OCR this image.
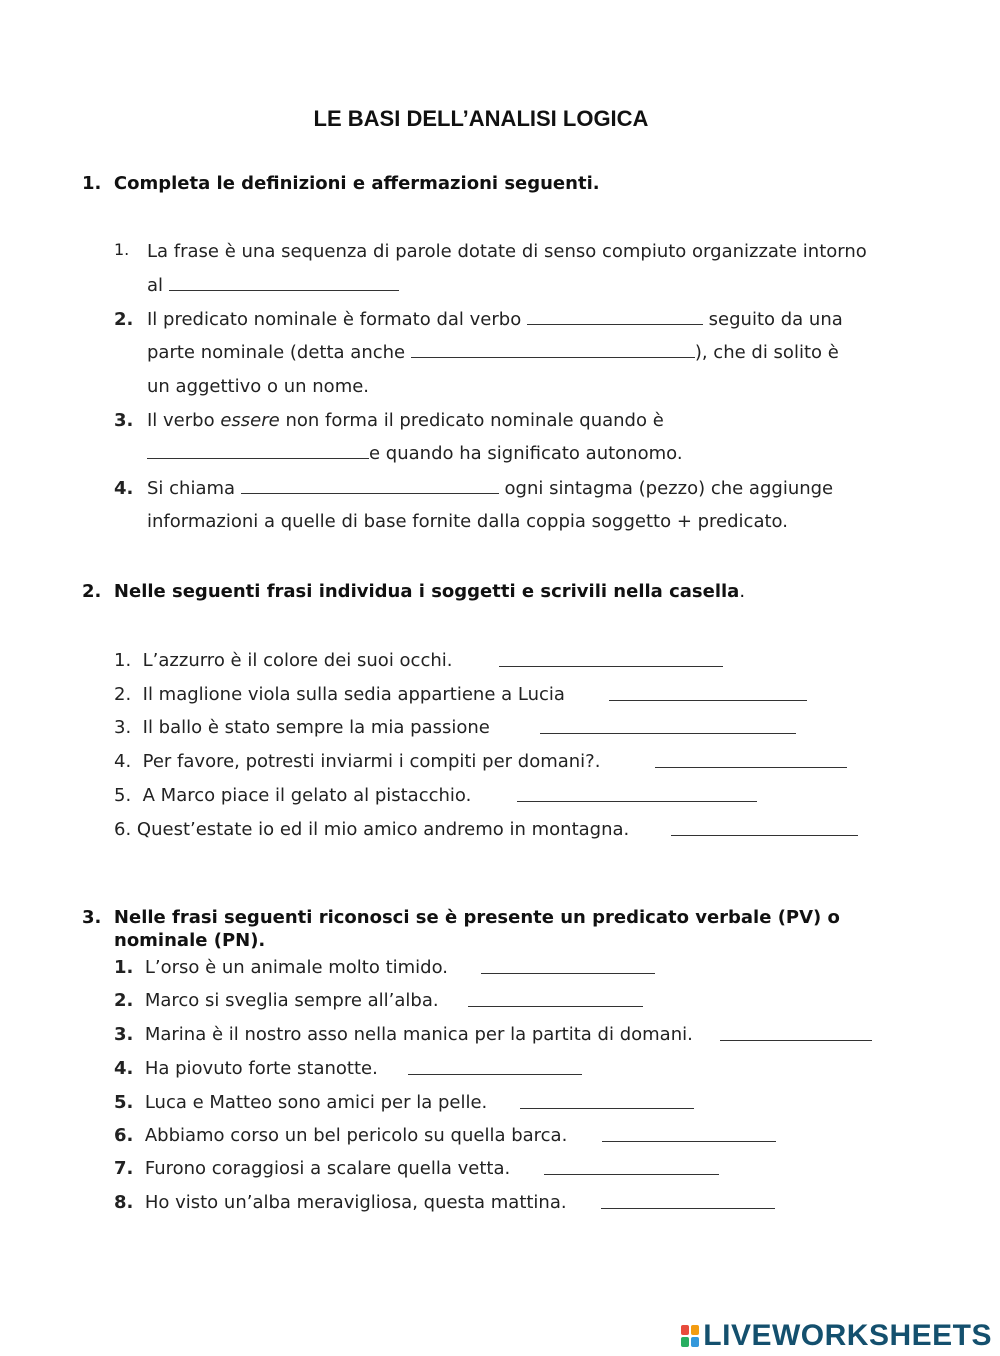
LE BASI DELL’ANALISI LOGICA
1. Completa le definizioni e affermazioni seguenti.
1. La frase è una sequenza di parole dotate di senso compiuto organizzate intorno
al
2. Il predicato nominale è formato dal verbo	seguito da una
parte nominale (detta anche	), che di solito è
un aggettivo o un nome.
3. Il verbo essere non forma il predicato nominale quando è
e quando ha significato autonomo.
4. Si chiama	ogni sintagma (pezzo) che aggiunge
informazioni a quelle di base fornite dalla coppia soggetto + predicato.
2. Nelle seguenti frasi individua i soggetti e scrivili nella casella.
1. L’azzurro è il colore dei suoi occhi.
2. Il maglione viola sulla sedia appartiene a Lucia
3. Il ballo è stato sempre la mia passione
4. Per favore, potresti inviarmi i compiti per domani?.
5. A Marco piace il gelato al pistacchio.
6. Quest’estate io ed il mio amico andremo in montagna.
3. Nelle frasi seguenti riconosci se è presente un predicato verbale (PV) o
nominale (PN).
1. L’orso è un animale molto timido.
2. Marco si sveglia sempre all’alba.
3. Marina è il nostro asso nella manica per la partita di domani.
4. Ha piovuto forte stanotte.
5. Luca e Matteo sono amici per la pelle.
6. Abbiamo corso un bel pericolo su quella barca.
7. Furono coraggiosi a scalare quella vetta.
8. Ho visto un’alba meravigliosa, questa mattina.
LIVEWORKSHEETS
